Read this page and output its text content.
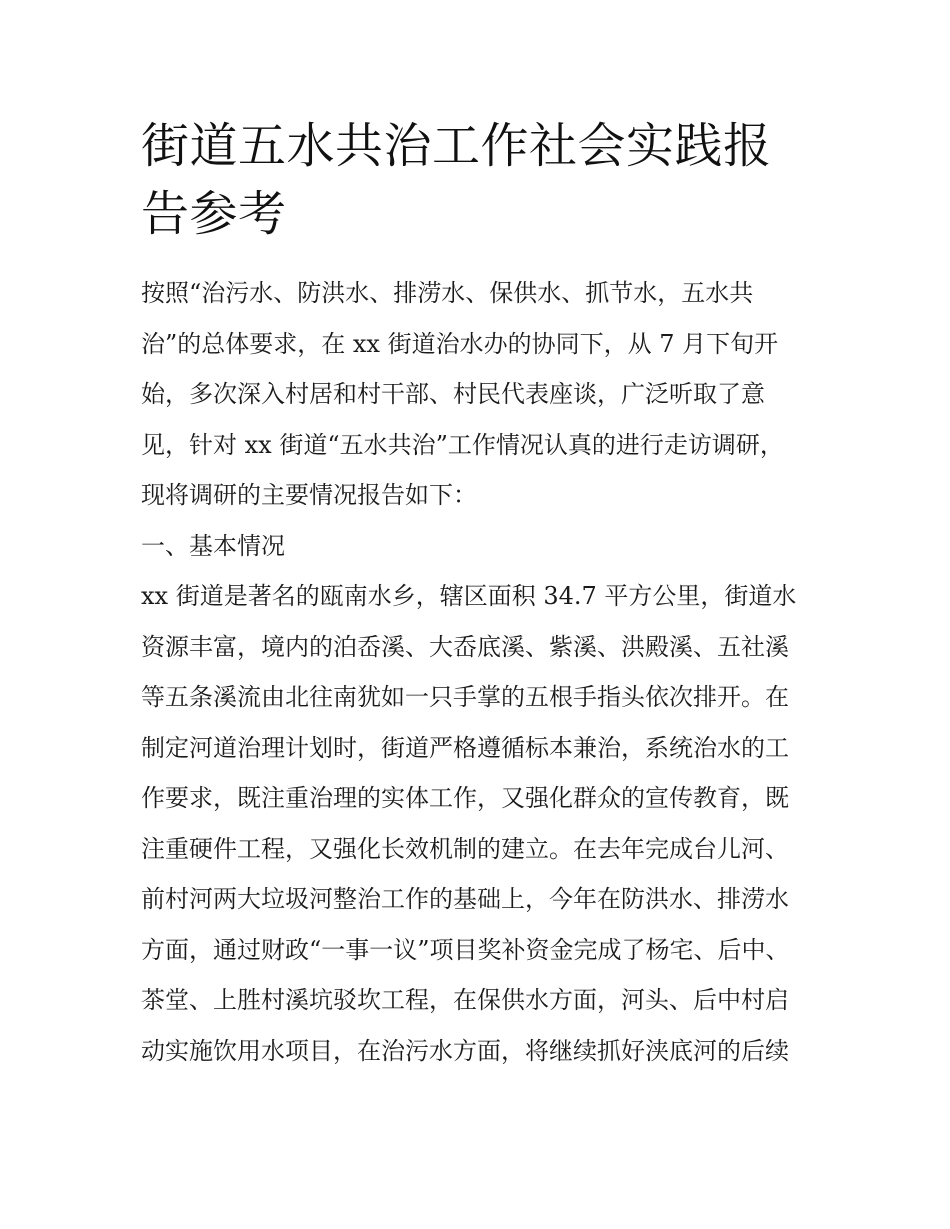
街道五水共治工作社会实践报
告参考
按照“治污水、防洪水、排涝水、保供水、抓节水，五水共
治”的总体要求，在 xx 街道治水办的协同下，从 7 月下旬开
始，多次深入村居和村干部、村民代表座谈，广泛听取了意
见，针对 xx 街道“五水共治”工作情况认真的进行走访调研，
现将调研的主要情况报告如下：
一、基本情况
xx 街道是著名的瓯南水乡，辖区面积 34.7 平方公里，街道水
资源丰富，境内的泊岙溪、大岙底溪、紫溪、洪殿溪、五社溪
等五条溪流由北往南犹如一只手掌的五根手指头依次排开。在
制定河道治理计划时，街道严格遵循标本兼治，系统治水的工
作要求，既注重治理的实体工作，又强化群众的宣传教育，既
注重硬件工程，又强化长效机制的建立。在去年完成台儿河、
前村河两大垃圾河整治工作的基础上，今年在防洪水、排涝水
方面，通过财政“一事一议”项目奖补资金完成了杨宅、后中、
茶堂、上胜村溪坑驳坎工程，在保供水方面，河头、后中村启
动实施饮用水项目，在治污水方面，将继续抓好浃底河的后续
